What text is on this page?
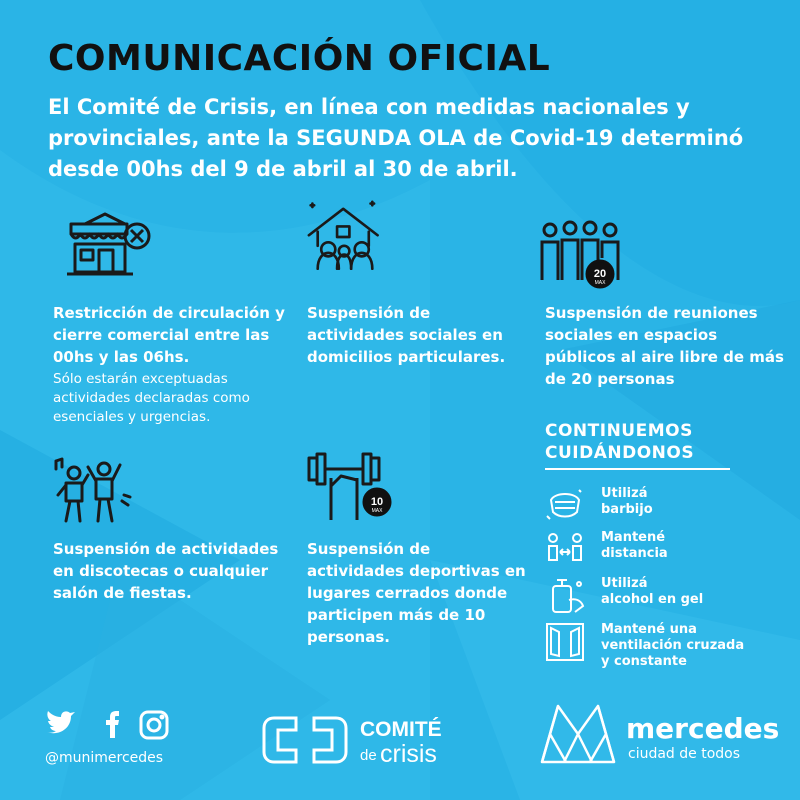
COMUNICACIÓN OFICIAL
El Comité de Crisis, en línea con medidas nacionales y provinciales, ante la SEGUNDA OLA de Covid-19 determinó desde 00hs del 9 de abril al 30 de abril.
Restricción de circulación y cierre comercial entre las 00hs y las 06hs.
Sólo estarán exceptuadas actividades declaradas como esenciales y urgencias.
Suspensión de actividades sociales en domicilios particulares.
20
MAX
Suspensión de reuniones sociales en espacios públicos al aire libre de más de 20 personas
Suspensión de actividades en discotecas o cualquier salón de fiestas.
10
MAX
Suspensión de actividades deportivas en lugares cerrados donde participen más de 10 personas.
CONTINUEMOS
CUIDÁNDONOS
Utilizá
barbijo
Mantené
distancia
Utilizá
alcohol en gel
Mantené una
ventilación cruzada
y constante
@munimercedes
COMITÉ
de crisis
mercedes
ciudad de todos
